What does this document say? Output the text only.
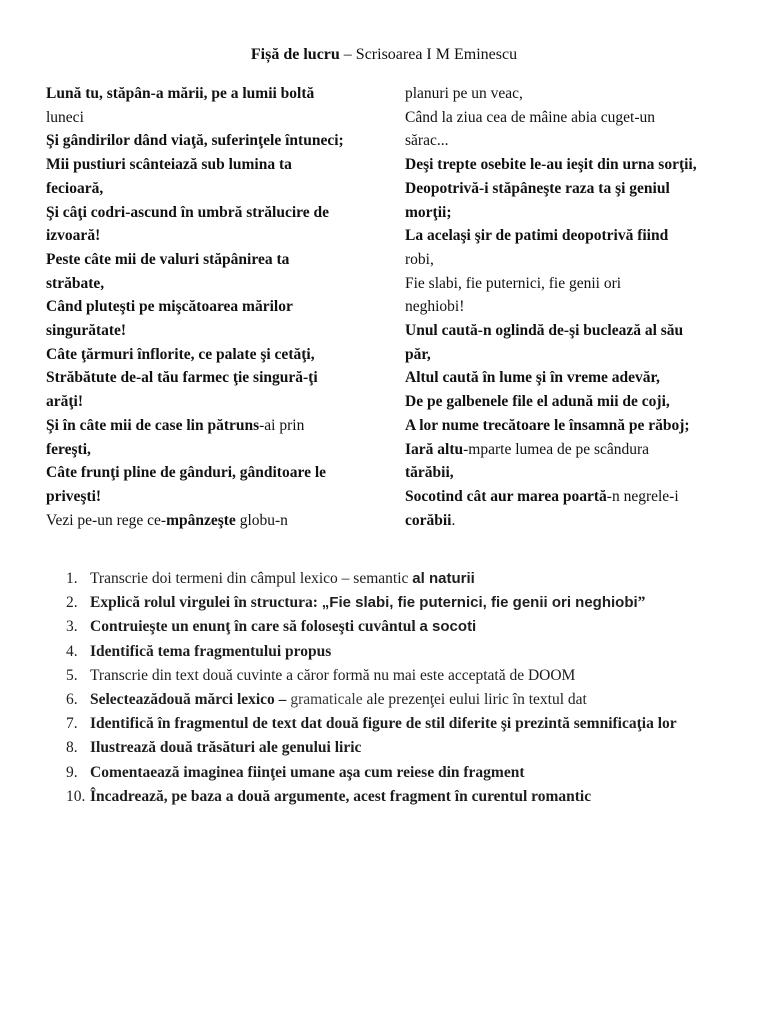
Fișă de lucru – Scrisoarea I M Eminescu
Lună tu, stăpân-a mării, pe a lumii boltă
luneci
Şi gândirilor dând viaţă, suferinţele întuneci;
Mii pustiuri scânteiază sub lumina ta
fecioară,
Şi câţi codri-ascund în umbră strălucire de
izvoară!
Peste câte mii de valuri stăpânirea ta
străbate,
Când pluteşti pe mişcătoarea mărilor
singurătate!
Câte ţărmuri înflorite, ce palate şi cetăţi,
Străbătute de-al tău farmec ţie singură-ţi
arăţi!
Şi în câte mii de case lin pătruns-ai prin
fereşti,
Câte frunţi pline de gânduri, gânditoare le
priveşti!
Vezi pe-un rege ce-mpânzeşte globu-n
planuri pe un veac,
Când la ziua cea de mâine abia cuget-un
sărac...
Deşi trepte osebite le-au ieşit din urna sorţii,
Deopotrivă-i stăpâneşte raza ta şi geniul
morţii;
La acelaşi şir de patimi deopotrivă fiind
robi,
Fie slabi, fie puternici, fie genii ori
neghiobi!
Unul caută-n oglindă de-şi buclează al său
păr,
Altul caută în lume şi în vreme adevăr,
De pe galbenele file el adună mii de coji,
A lor nume trecătoare le însamnă pe răboj;
Iară altu-mparte lumea de pe scândura
tărăbii,
Socotind cât aur marea poartă-n negrele-i
corăbii.
1. Transcrie doi termeni din câmpul lexico – semantic al naturii
2. Explică rolul virgulei în structura: „Fie slabi, fie puternici, fie genii ori neghiobi”
3. Contruieşte un enunţ în care să foloseşti cuvântul a socoti
4. Identifică tema fragmentului propus
5. Transcrie din text două cuvinte a căror formă nu mai este acceptată de DOOM
6. Selecteazădouă mărci lexico – gramaticale ale prezenţei eului liric în textul dat
7. Identifică în fragmentul de text dat două figure de stil diferite şi prezintă semnificaţia lor
8. Ilustrează două trăsături ale genului liric
9. Comentaează imaginea fiinţei umane aşa cum reiese din fragment
10. Încadrează, pe baza a două argumente, acest fragment în curentul romantic
